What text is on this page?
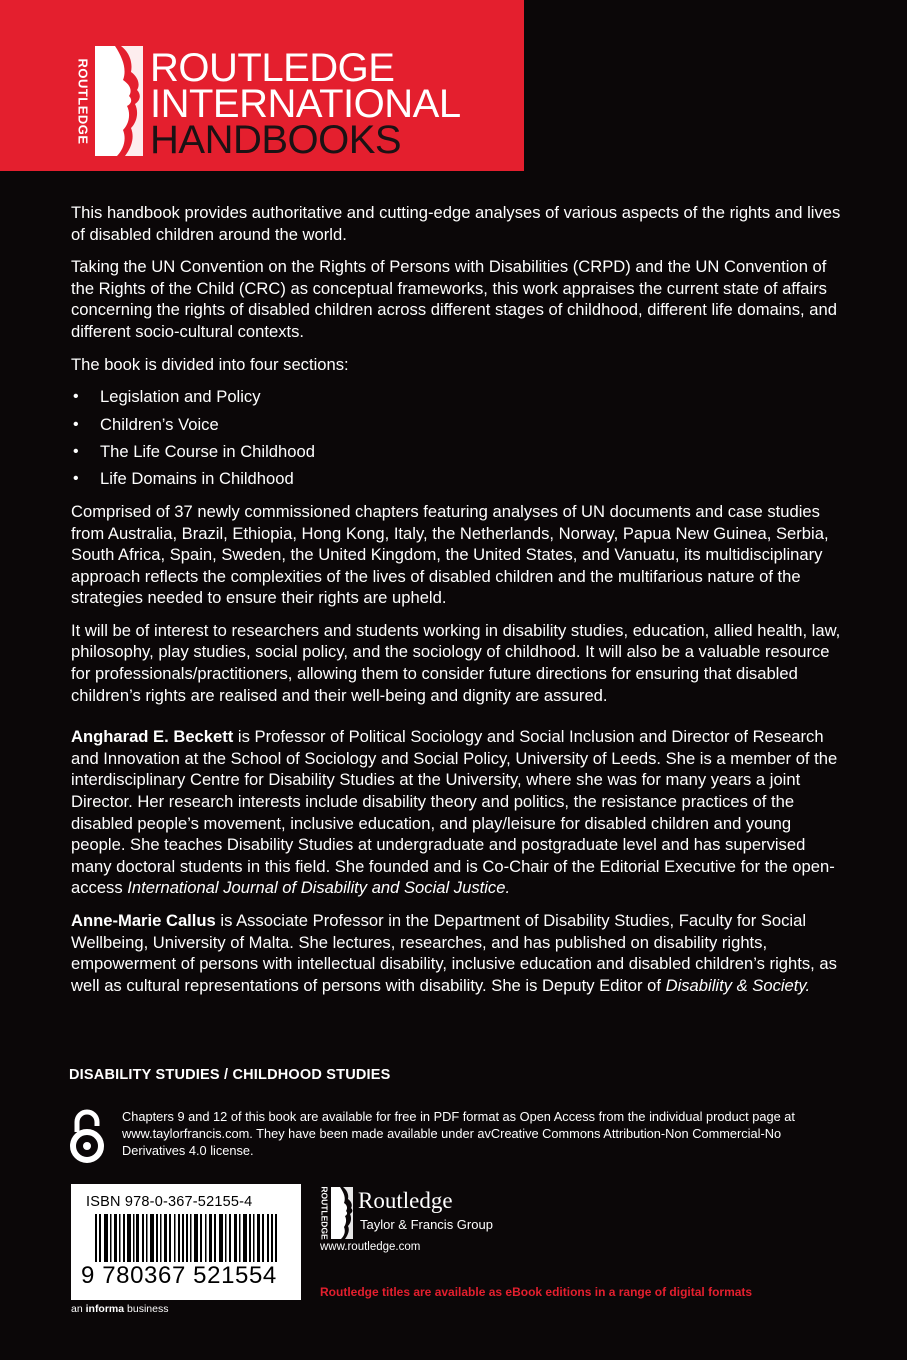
ROUTLEDGE ROUTLEDGE
INTERNATIONAL
HANDBOOKS

This handbook provides authoritative and cutting-edge analyses of various aspects of the rights and lives of disabled children around the world.

Taking the UN Convention on the Rights of Persons with Disabilities (CRPD) and the UN Convention of the Rights of the Child (CRC) as conceptual frameworks, this work appraises the current state of affairs concerning the rights of disabled children across different stages of childhood, different life domains, and different socio-cultural contexts.

The book is divided into four sections:

• Legislation and Policy
• Children’s Voice
• The Life Course in Childhood
• Life Domains in Childhood

Comprised of 37 newly commissioned chapters featuring analyses of UN documents and case studies from Australia, Brazil, Ethiopia, Hong Kong, Italy, the Netherlands, Norway, Papua New Guinea, Serbia, South Africa, Spain, Sweden, the United Kingdom, the United States, and Vanuatu, its multidisciplinary approach reflects the complexities of the lives of disabled children and the multifarious nature of the strategies needed to ensure their rights are upheld.

It will be of interest to researchers and students working in disability studies, education, allied health, law, philosophy, play studies, social policy, and the sociology of childhood. It will also be a valuable resource for professionals/practitioners, allowing them to consider future directions for ensuring that disabled children’s rights are realised and their well-being and dignity are assured.

Angharad E. Beckett is Professor of Political Sociology and Social Inclusion and Director of Research and Innovation at the School of Sociology and Social Policy, University of Leeds. She is a member of the interdisciplinary Centre for Disability Studies at the University, where she was for many years a joint Director. Her research interests include disability theory and politics, the resistance practices of the disabled people’s movement, inclusive education, and play/leisure for disabled children and young people. She teaches Disability Studies at undergraduate and postgraduate level and has supervised many doctoral students in this field. She founded and is Co-Chair of the Editorial Executive for the open-access International Journal of Disability and Social Justice.

Anne-Marie Callus is Associate Professor in the Department of Disability Studies, Faculty for Social Wellbeing, University of Malta. She lectures, researches, and has published on disability rights, empowerment of persons with intellectual disability, inclusive education and disabled children’s rights, as well as cultural representations of persons with disability. She is Deputy Editor of Disability & Society.

DISABILITY STUDIES / CHILDHOOD STUDIES
Chapters 9 and 12 of this book are available for free in PDF format as Open Access from the individual product page at www.taylorfrancis.com. They have been made available under avCreative Commons Attribution-Non Commercial-No Derivatives 4.0 license.
ISBN 978-0-367-52155-4
9 780367 521554
an informa business
ROUTLEDGE Routledge
Taylor & Francis Group
www.routledge.com
Routledge titles are available as eBook editions in a range of digital formats
